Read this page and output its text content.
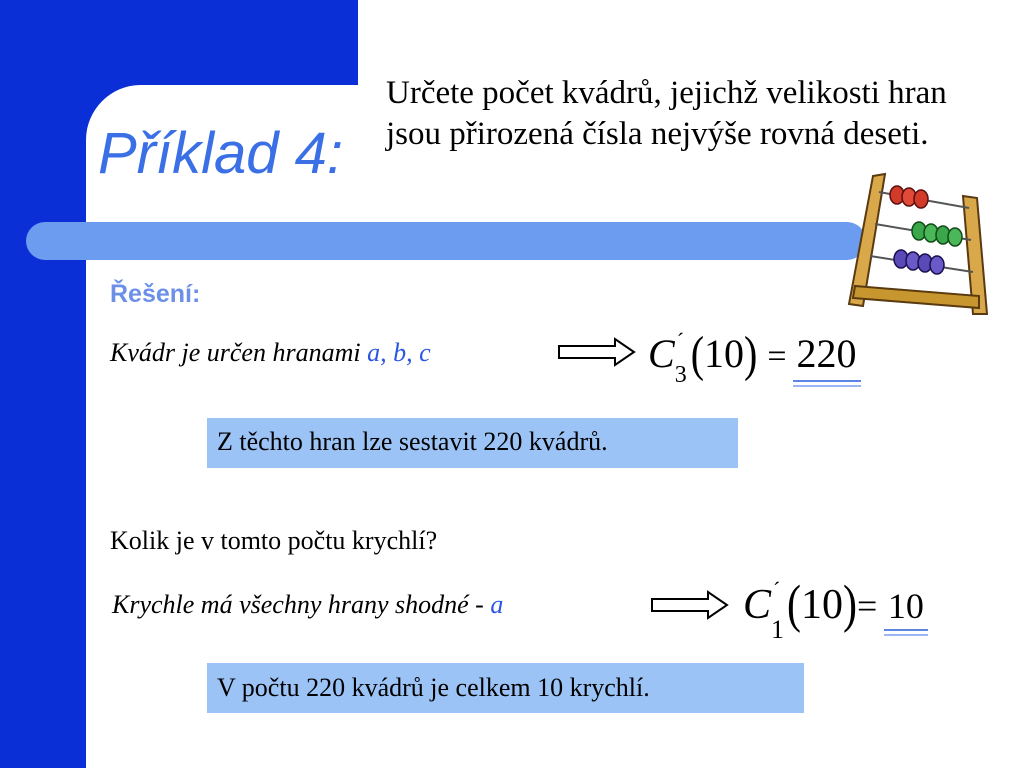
Příklad 4:
Určete počet kvádrů, jejichž velikosti hran jsou přirozená čísla nejvýše rovná deseti.
Řešení:
Kvádr je určen hranami a, b, c	C ´
3 (10) = 220
Z těchto hran lze sestavit 220 kvádrů.
Kolik je v tomto počtu krychlí?
Krychle má všechny hrany shodné - a	C ´
1 (10)= 10
V počtu 220 kvádrů je celkem 10 krychlí.
